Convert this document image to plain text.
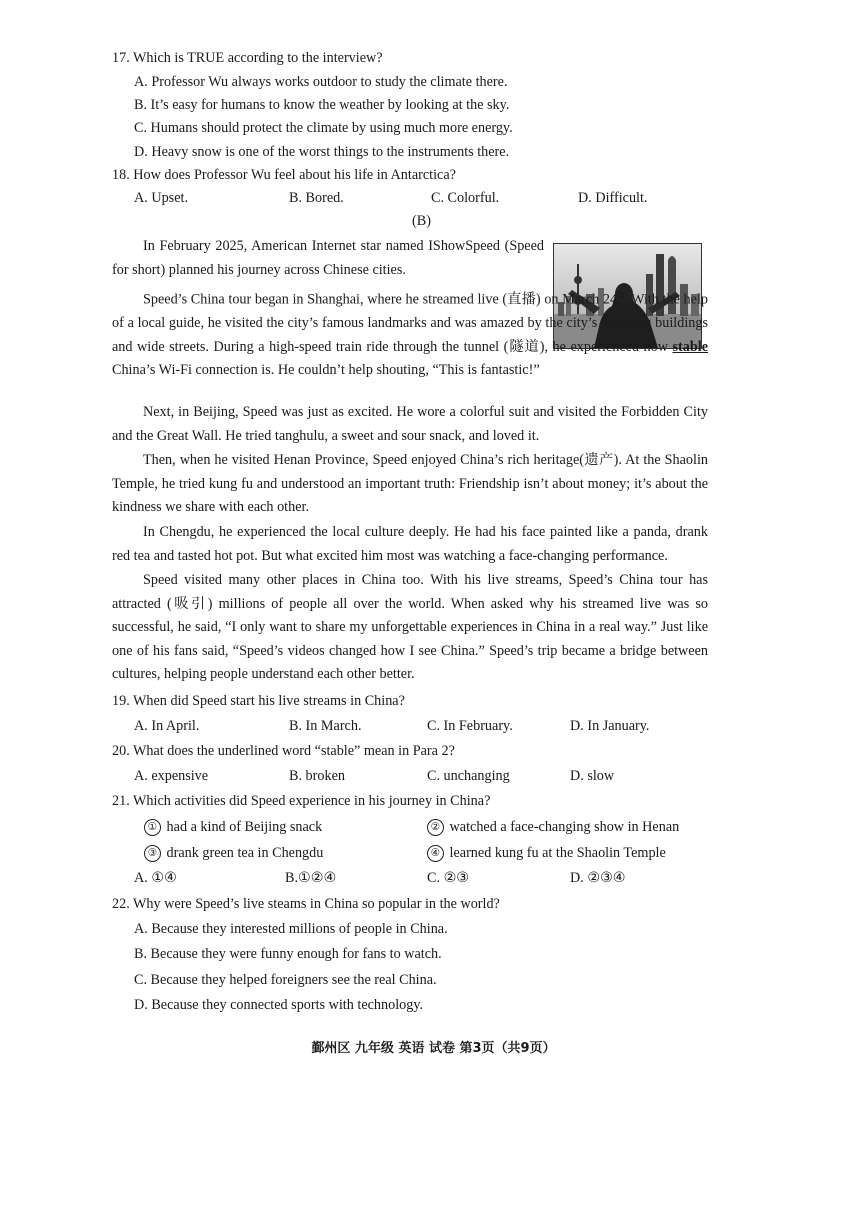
17. Which is TRUE according to the interview?
A. Professor Wu always works outdoor to study the climate there.
B. It’s easy for humans to know the weather by looking at the sky.
C. Humans should protect the climate by using much more energy.
D. Heavy snow is one of the worst things to the instruments there.
18. How does Professor Wu feel about his life in Antarctica?
A. Upset.	B. Bored.	C. Colorful.	D. Difficult.
(B)
In February 2025, American Internet star named IShowSpeed (Speed for short) planned his journey across Chinese cities.
Speed’s China tour began in Shanghai, where he streamed live (直播) on March 24th. With the help of a local guide, he visited the city’s famous landmarks and was amazed by the city’s towering buildings and wide streets. During a high-speed train ride through the tunnel (隧道), he experienced how stable China’s Wi-Fi connection is. He couldn’t help shouting, “This is fantastic!”
Next, in Beijing, Speed was just as excited. He wore a colorful suit and visited the Forbidden City and the Great Wall. He tried tanghulu, a sweet and sour snack, and loved it.
Then, when he visited Henan Province, Speed enjoyed China’s rich heritage(遗产). At the Shaolin Temple, he tried kung fu and understood an important truth: Friendship isn’t about money; it’s about the kindness we share with each other.
In Chengdu, he experienced the local culture deeply. He had his face painted like a panda, drank red tea and tasted hot pot. But what excited him most was watching a face-changing performance.
Speed visited many other places in China too. With his live streams, Speed’s China tour has attracted (吸引) millions of people all over the world. When asked why his streamed live was so successful, he said, “I only want to share my unforgettable experiences in China in a real way.” Just like one of his fans said, “Speed’s videos changed how I see China.” Speed’s trip became a bridge between cultures, helping people understand each other better.
19. When did Speed start his live streams in China?
A. In April.	B. In March.	C. In February.	D. In January.
20. What does the underlined word “stable” mean in Para 2?
A. expensive	B. broken	C. unchanging	D. slow
21. Which activities did Speed experience in his journey in China?
① had a kind of Beijing snack	② watched a face-changing show in Henan
③ drank green tea in Chengdu	④ learned kung fu at the Shaolin Temple
A. ①④	B.①②④	C. ②③	D. ②③④
22. Why were Speed’s live steams in China so popular in the world?
A. Because they interested millions of people in China.
B. Because they were funny enough for fans to watch.
C. Because they helped foreigners see the real China.
D. Because they connected sports with technology.
鄞州区 九年级 英语 试卷 第3页（共9页）
